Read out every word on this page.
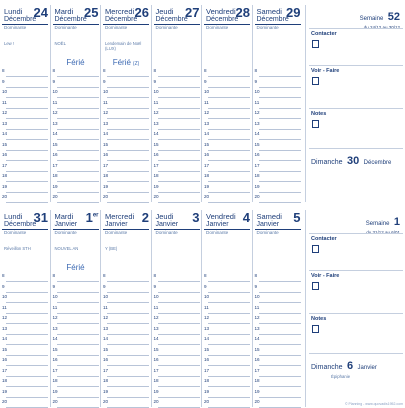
Lundi
Décembre
Dominante
24
Lew !
8
9
10
11
12
13
14
15
16
17
18
19
20
Mardi
Décembre
Dominante
25
NOËL
Férié
8
9
10
11
12
13
14
15
16
17
18
19
20
Mercredi
Décembre
Dominante
26
Lendemain de Noël (LUX)
Férié (Z)
8
9
10
11
12
13
14
15
16
17
18
19
20
Jeudi
Décembre
Dominante
27
8
9
10
11
12
13
14
15
16
17
18
19
20
Vendredi
Décembre
Dominante
28
8
9
10
11
12
13
14
15
16
17
18
19
20
Samedi
Décembre
Dominante
29
8
9
10
11
12
13
14
15
16
17
18
19
20
Semaine 52
Contacter
Voir - Faire
Notes
Dimanche 30 Décembre
Lundi
Décembre
Dominante
31
Réveillon STH
8
9
10
11
12
13
14
15
16
17
18
19
20
Mardi
Janvier
Dominante
1er
NOUVEL AN
Férié
8
9
10
11
12
13
14
15
16
17
18
19
20
Mercredi
Janvier
Dominante
2
Y (BE)
8
9
10
11
12
13
14
15
16
17
18
19
20
Jeudi
Janvier
Dominante
3
8
9
10
11
12
13
14
15
16
17
18
19
20
Vendredi
Janvier
Dominante
4
8
9
10
11
12
13
14
15
16
17
18
19
20
Samedi
Janvier
Dominante
5
8
9
10
11
12
13
14
15
16
17
18
19
20
Semaine 1
Contacter
Voir - Faire
Notes
Dimanche 6 Janvier
Épiphanie
© Planning - www.quovadis1952.com
